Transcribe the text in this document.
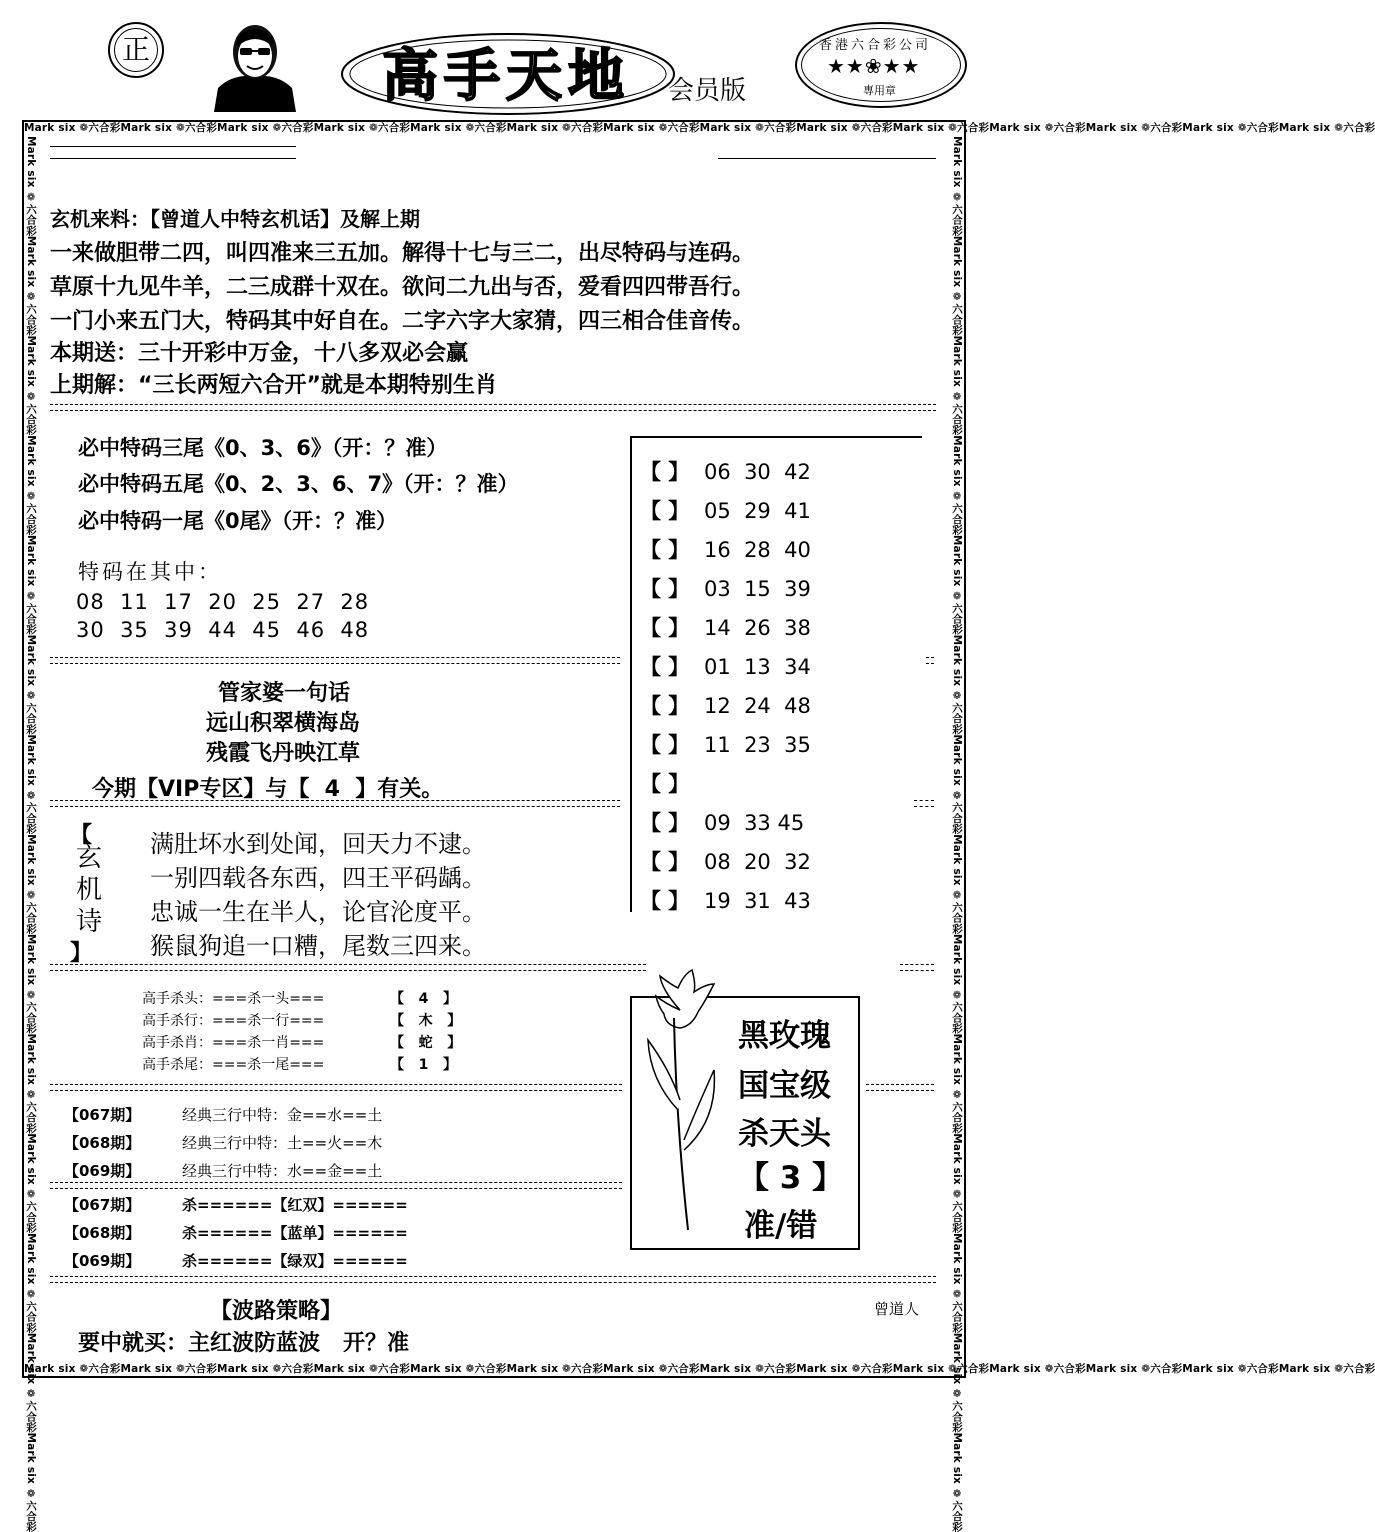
正	高手天地 会员版
香港六合彩公司
★★❀★★
專用章
Mark six ❁六合彩Mark six ❁六合彩Mark six ❁六合彩Mark six ❁六合彩Mark six ❁六合彩Mark six ❁六合彩Mark six ❁六合彩Mark six ❁六合彩Mark six ❁六合彩Mark six ❁六合彩Mark six ❁六合彩Mark six ❁六合彩Mark six ❁六合彩Mark six ❁六合彩
Mark six ❁六合彩Mark six ❁六合彩Mark six ❁六合彩Mark six ❁六合彩Mark six ❁六合彩Mark six ❁六合彩Mark six ❁六合彩Mark six ❁六合彩Mark six ❁六合彩Mark six ❁六合彩Mark six ❁六合彩Mark six ❁六合彩Mark six ❁六合彩Mark six ❁六合彩
Mark six ❁六合彩Mark six ❁六合彩Mark six ❁六合彩Mark six ❁六合彩Mark six ❁六合彩Mark six ❁六合彩Mark six ❁六合彩Mark six ❁六合彩Mark six ❁六合彩Mark six ❁六合彩Mark six ❁六合彩Mark six ❁六合彩Mark six ❁六合彩Mark six ❁六合彩	Mark six ❁六合彩Mark six ❁六合彩Mark six ❁六合彩Mark six ❁六合彩Mark six ❁六合彩Mark six ❁六合彩Mark six ❁六合彩Mark six ❁六合彩Mark six ❁六合彩Mark six ❁六合彩Mark six ❁六合彩Mark six ❁六合彩Mark six ❁六合彩Mark six ❁六合彩
玄机来料：【曾道人中特玄机话】及解上期
一来做胆带二四，叫四准来三五加。解得十七与三二，出尽特码与连码。
草原十九见牛羊，二三成群十双在。欲问二九出与否，爱看四四带吾行。
一门小来五门大，特码其中好自在。二字六字大家猜，四三相合佳音传。
本期送：三十开彩中万金，十八多双必会赢
上期解：“三长两短六合开”就是本期特别生肖
必中特码三尾《0、3、6》（开：？准）
必中特码五尾《0、2、3、6、7》（开：？准）
必中特码一尾《0尾》（开：？准）
特码在其中：
08  11  17  20  25  27  28
30  35  39  44  45  46  48
【 】 06  30  42
【 】 05  29  41
【 】 16  28  40
【 】 03  15  39
【 】 14  26  38
【 】 01  13  34
【 】 12  24  48
【 】 11  23  35
【 】
【 】 09  33 45
【 】 08  20  32
【 】 19  31  43
管家婆一句话
远山积翠横海岛
残霞飞丹映江草
今期【VIP专区】与【  4  】有关。
【
玄机诗
】
满肚坏水到处闻，回天力不逮。
一别四载各东西，四王平码龋。
忠诚一生在半人，论官沦度平。
猴鼠狗追一口糟，尾数三四来。
高手杀头：===杀一头===	【   4   】
高手杀行：===杀一行===	【   木   】
高手杀肖：===杀一肖===	【   蛇   】
高手杀尾：===杀一尾===	【   1   】
黑玫瑰
国宝级
杀天头
【 3 】
准/错
【067期】	经典三行中特：金==水==土
【068期】	经典三行中特：土==火==木
【069期】	经典三行中特：水==金==土
【067期】	杀======【红双】======
【068期】	杀======【蓝单】======
【069期】	杀======【绿双】======
【波路策略】
要中就买：主红波防蓝波   开？准
曾道人
